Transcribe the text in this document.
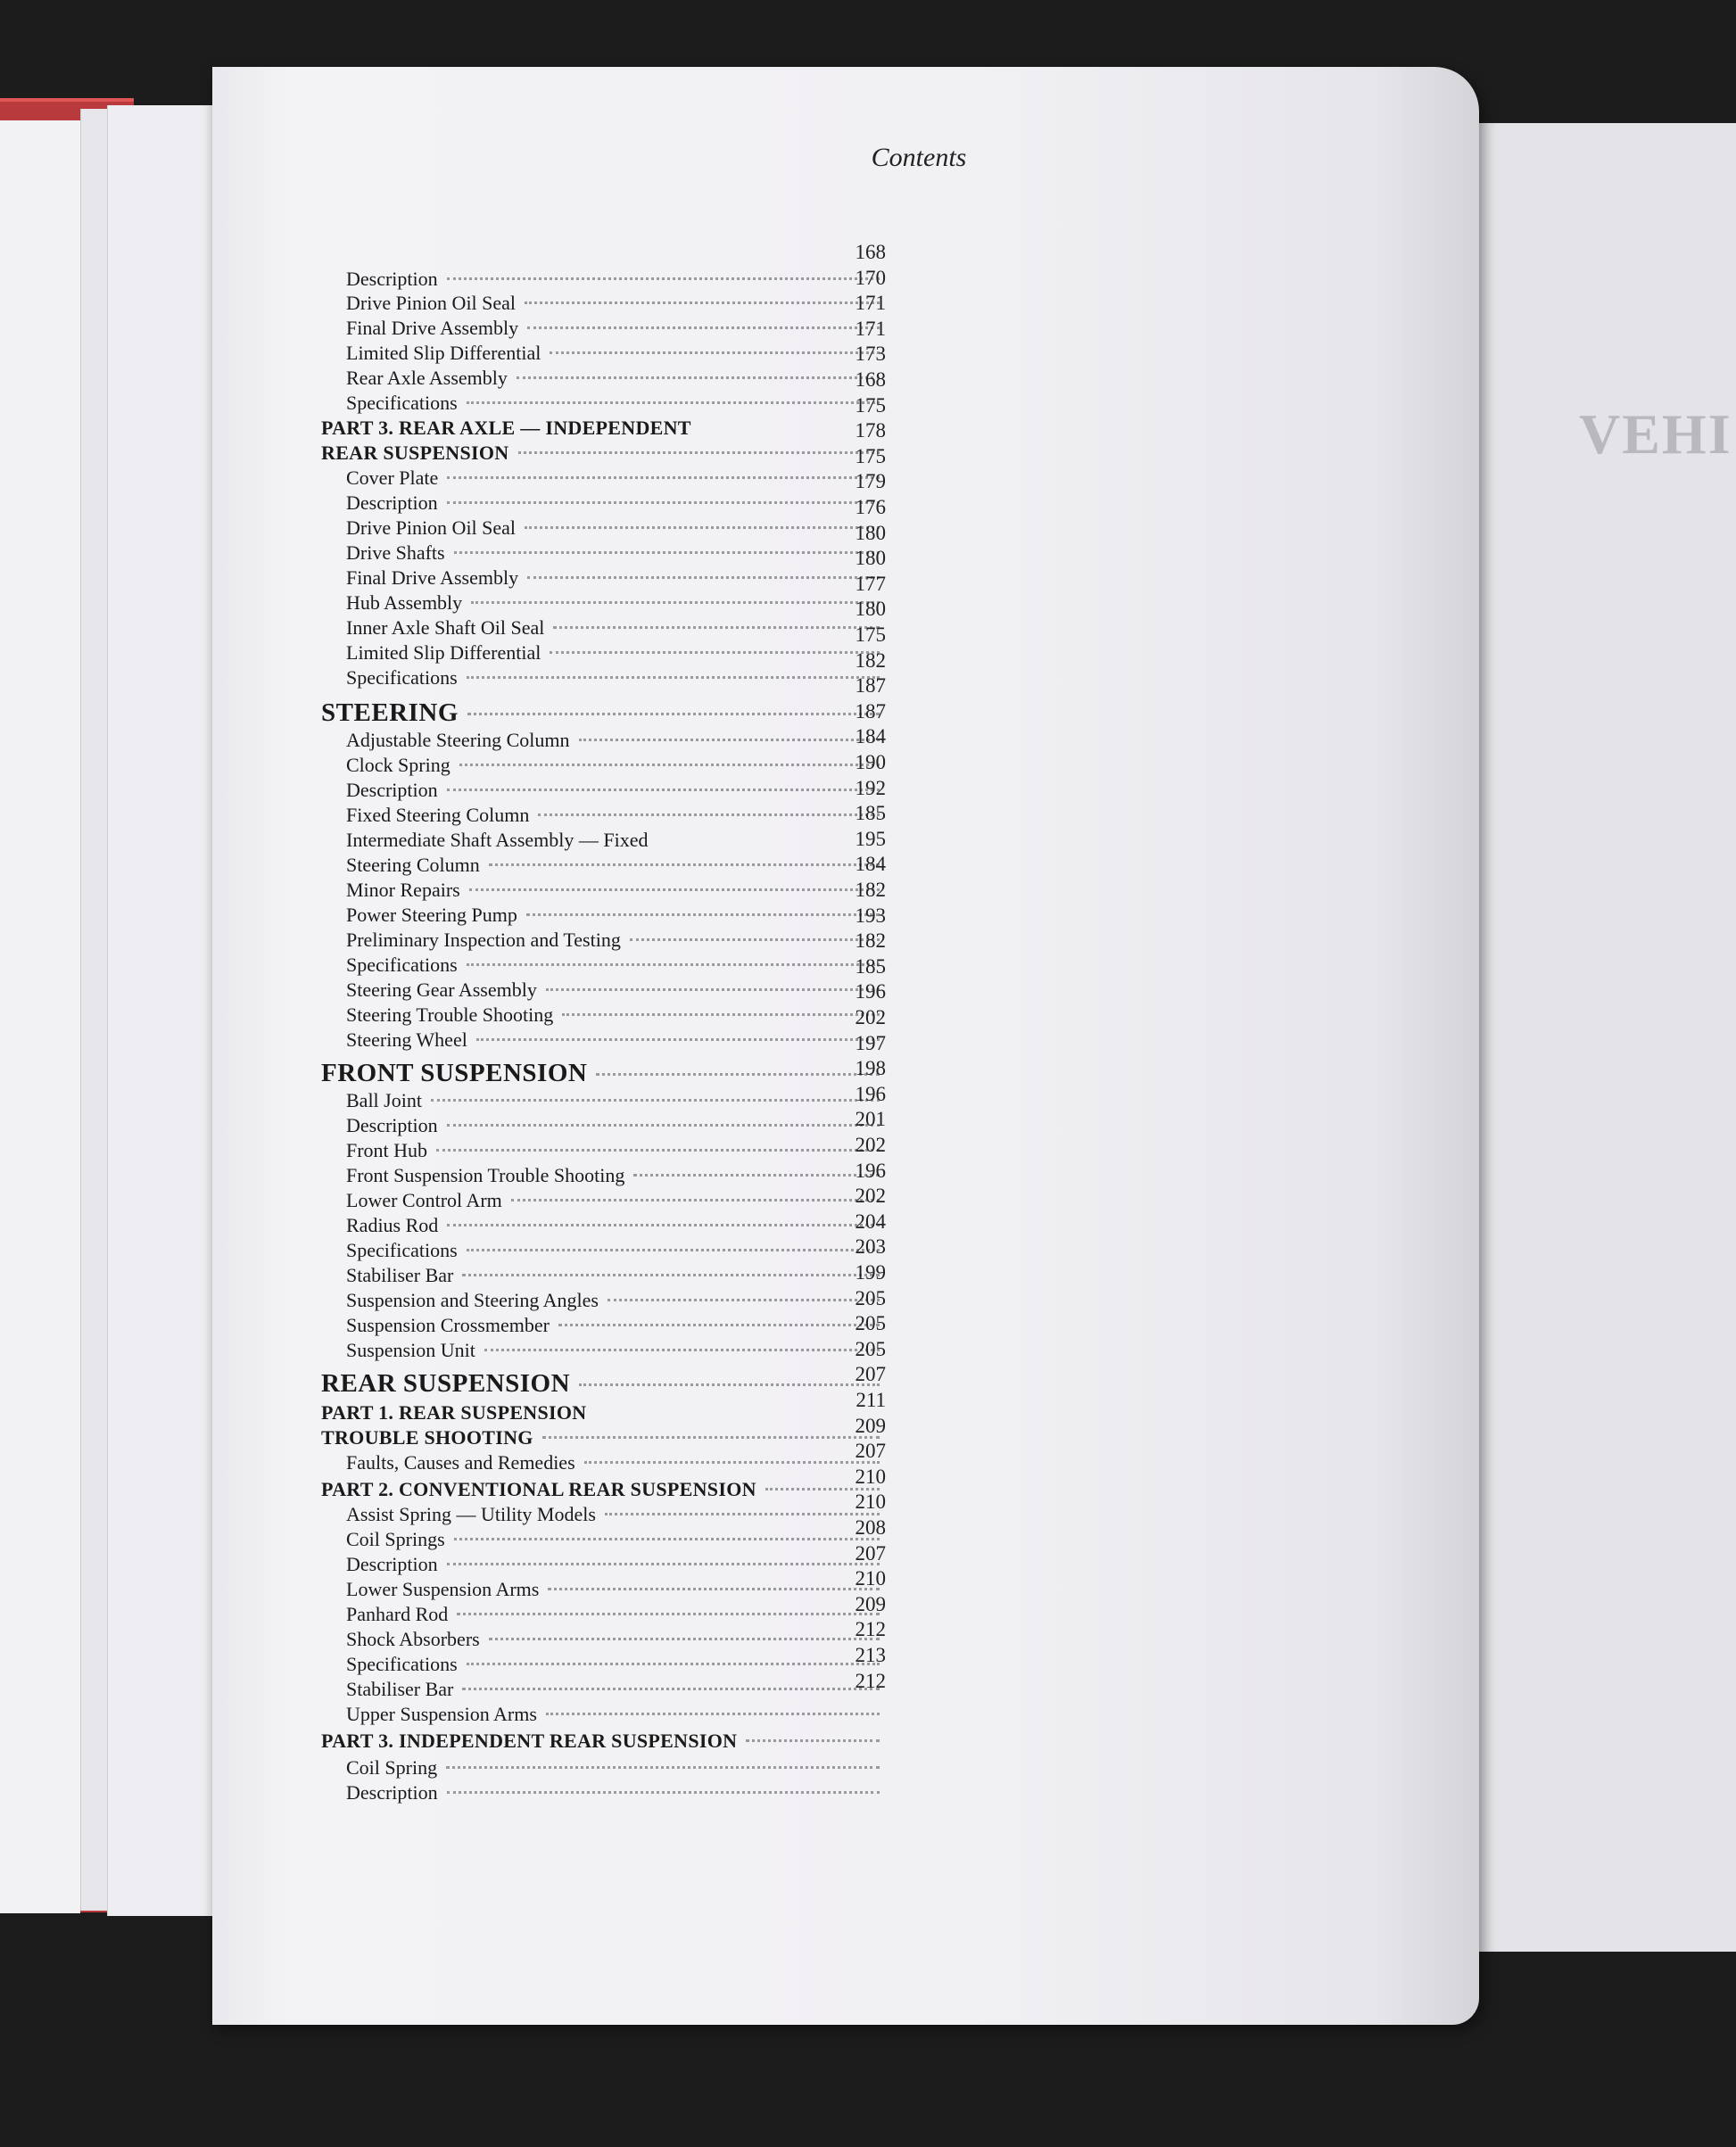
VEHI
Contents
Description
Drive Pinion Oil Seal
Final Drive Assembly
Limited Slip Differential
Rear Axle Assembly
Specifications
PART 3. REAR AXLE — INDEPENDENT
REAR SUSPENSION
Cover Plate
Description
Drive Pinion Oil Seal
Drive Shafts
Final Drive Assembly
Hub Assembly
Inner Axle Shaft Oil Seal
Limited Slip Differential
Specifications
STEERING
Adjustable Steering Column
Clock Spring
Description
Fixed Steering Column
Intermediate Shaft Assembly — Fixed
Steering Column
Minor Repairs
Power Steering Pump
Preliminary Inspection and Testing
Specifications
Steering Gear Assembly
Steering Trouble Shooting
Steering Wheel
FRONT SUSPENSION
Ball Joint
Description
Front Hub
Front Suspension Trouble Shooting
Lower Control Arm
Radius Rod
Specifications
Stabiliser Bar
Suspension and Steering Angles
Suspension Crossmember
Suspension Unit
REAR SUSPENSION
PART 1. REAR SUSPENSION
TROUBLE SHOOTING
Faults, Causes and Remedies
PART 2. CONVENTIONAL REAR SUSPENSION
Assist Spring — Utility Models
Coil Springs
Description
Lower Suspension Arms
Panhard Rod
Shock Absorbers
Specifications
Stabiliser Bar
Upper Suspension Arms
PART 3. INDEPENDENT REAR SUSPENSION
Coil Spring
Description
168
170
171
171
173
168
175
178
175
179
176
180
180
177
180
175
182
187
187
184
190
192
185
195
184
182
193
182
185
196
202
197
198
196
201
202
196
202
204
203
199
205
205
205
207
211
209
207
210
210
208
207
210
209
212
213
212
